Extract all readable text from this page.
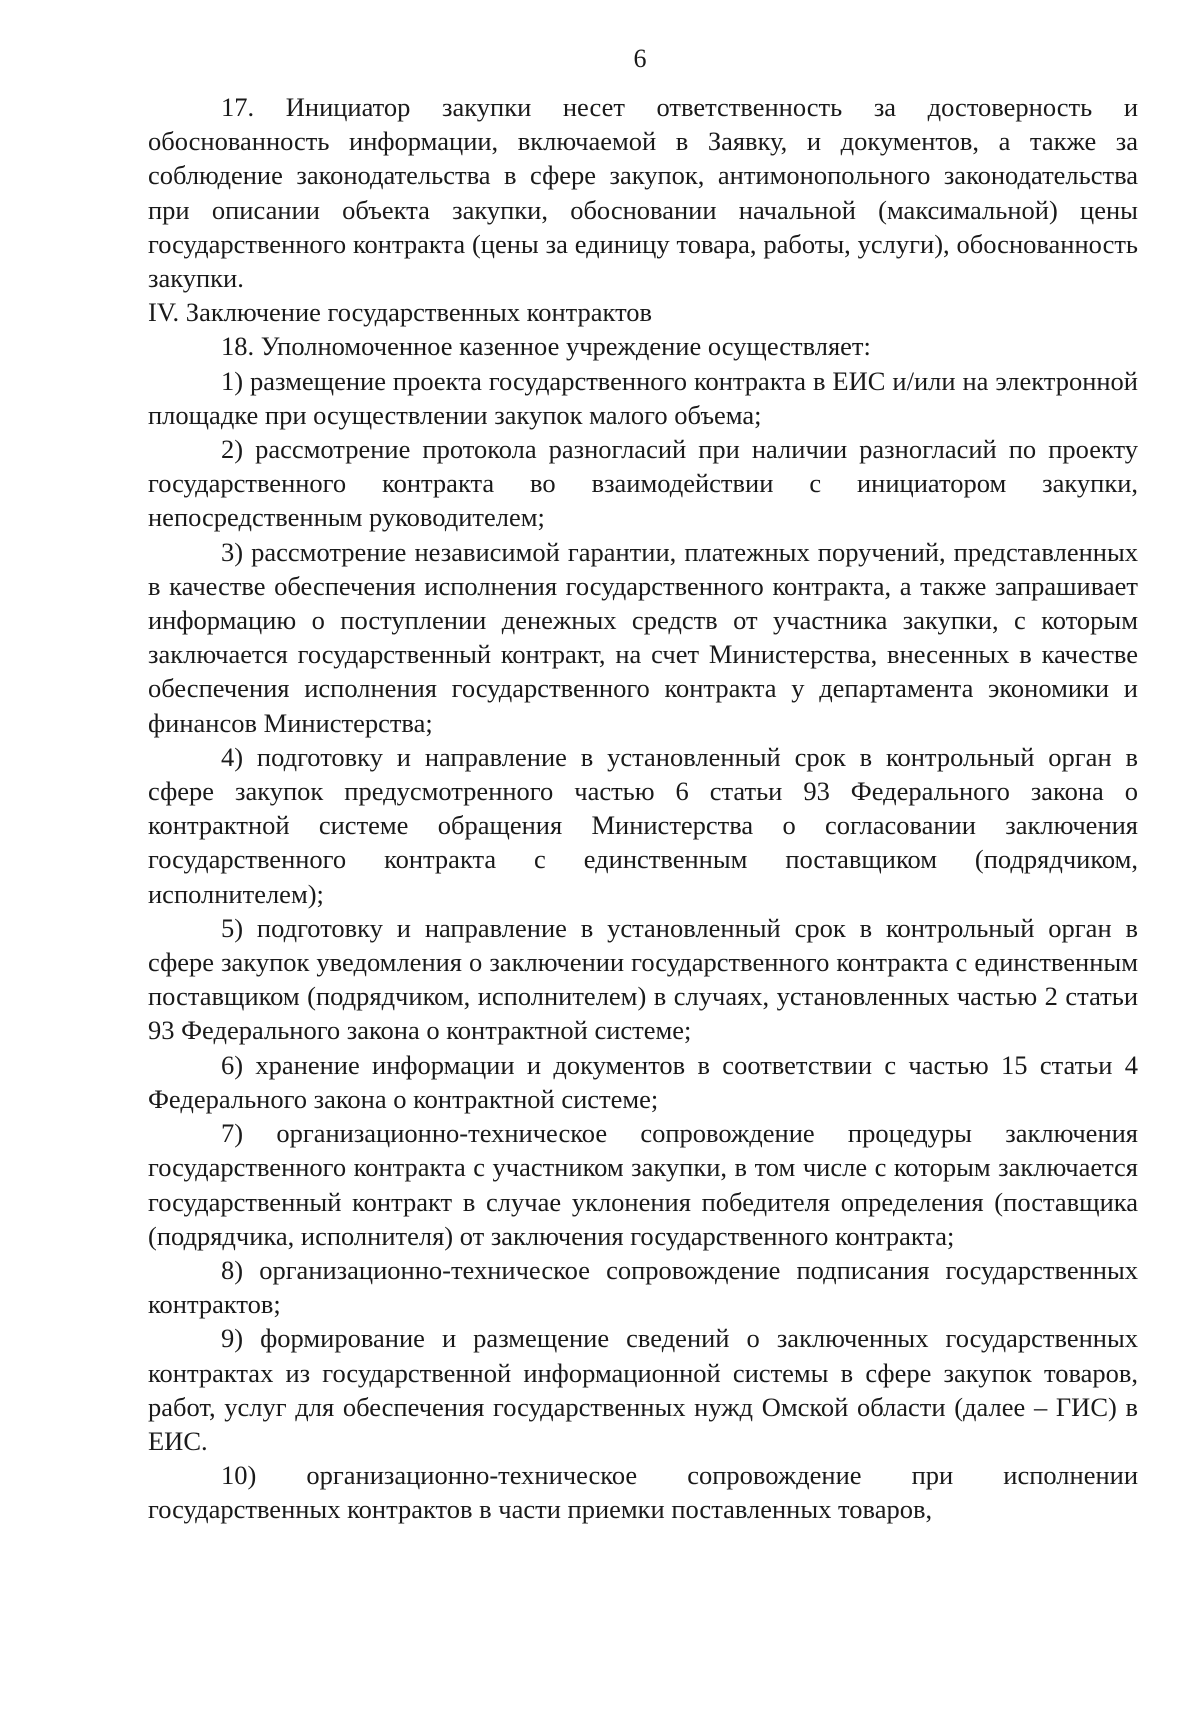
6

17. Инициатор закупки несет ответственность за достоверность и обоснованность информации, включаемой в Заявку, и документов, а также за соблюдение законодательства в сфере закупок, антимонопольного законодательства при описании объекта закупки, обосновании начальной (максимальной) цены государственного контракта (цены за единицу товара, работы, услуги), обоснованность закупки.

IV. Заключение государственных контрактов

18. Уполномоченное казенное учреждение осуществляет:

1) размещение проекта государственного контракта в ЕИС и/или на электронной площадке при осуществлении закупок малого объема;

2) рассмотрение протокола разногласий при наличии разногласий по проекту государственного контракта во взаимодействии с инициатором закупки, непосредственным руководителем;

3) рассмотрение независимой гарантии, платежных поручений, представленных в качестве обеспечения исполнения государственного контракта, а также запрашивает информацию о поступлении денежных средств от участника закупки, с которым заключается государственный контракт, на счет Министерства, внесенных в качестве обеспечения исполнения государственного контракта у департамента экономики и финансов Министерства;

4) подготовку и направление в установленный срок в контрольный орган в сфере закупок предусмотренного частью 6 статьи 93 Федерального закона о контрактной системе обращения Министерства о согласовании заключения государственного контракта с единственным поставщиком (подрядчиком, исполнителем);

5) подготовку и направление в установленный срок в контрольный орган в сфере закупок уведомления о заключении государственного контракта с единственным поставщиком (подрядчиком, исполнителем) в случаях, установленных частью 2 статьи 93 Федерального закона о контрактной системе;

6) хранение информации и документов в соответствии с частью 15 статьи 4 Федерального закона о контрактной системе;

7) организационно-техническое сопровождение процедуры заключения государственного контракта с участником закупки, в том числе с которым заключается государственный контракт в случае уклонения победителя определения (поставщика (подрядчика, исполнителя) от заключения государственного контракта;

8) организационно-техническое сопровождение подписания государственных контрактов;

9) формирование и размещение сведений о заключенных государственных контрактах из государственной информационной системы в сфере закупок товаров, работ, услуг для обеспечения государственных нужд Омской области (далее – ГИС) в ЕИС.

10) организационно-техническое сопровождение при исполнении государственных контрактов в части приемки поставленных товаров,
